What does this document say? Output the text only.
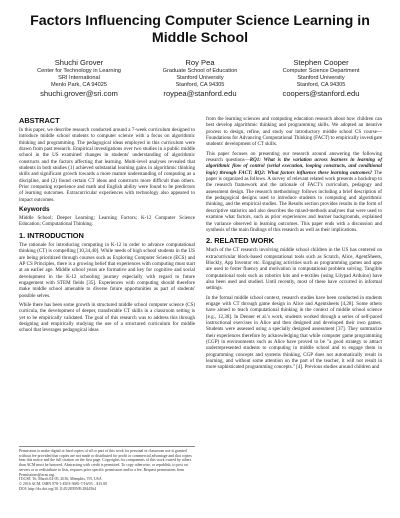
Factors Influencing Computer Science Learning in Middle School
Shuchi Grover
Center for Technology in Learning
SRI International
Menlo Park, CA 94025
shuchi.grover@sri.com
Roy Pea
Graduate School of Education
Stanford University
Stanford, CA 94305
roypea@stanford.edu
Stephen Cooper
Computer Science Department
Stanford University
Stanford, CA 94305
coopers@stanford.edu
ABSTRACT

In this paper, we describe research conducted around a 7-week curriculum designed to introduce middle school students to computer science with a focus on algorithmic thinking and programming. The pedagogical ideas employed in this curriculum were drawn from past research. Empirical investigations over two studies in a public middle school in the US examined changes in students' understanding of algorithmic constructs and the factors affecting that learning. Multi-level analyses revealed that students in both studies (1) achieved substantial learning gains in algorithmic thinking skills and significant growth towards a more mature understanding of computing as a discipline, and (2) found certain CT ideas and constructs more difficult than others. Prior computing experience and math and English ability were found to be predictors of learning outcomes. Extracurricular experiences with technology also appeared to impact outcomes.

Keywords

Middle School; Deeper Learning; Learning Factors; K-12 Computer Science Education; Computational Thinking.

1. INTRODUCTION

The rationale for introducing computing in K-12 in order to advance computational thinking (CT) is compelling [10,34,40]. While needs of high school students in the US are being prioritized through courses such as Exploring Computer Science (ECS) and AP CS Principles, there is a growing belief that experiences with computing must start at an earlier age. Middle school years are formative and key for cognitive and social development in the K-12 schooling journey especially with regard to future engagement with STEM fields [35]. Experiences with computing should therefore make middle school amenable to diverse future opportunities as part of students' possible selves.

While there has been some growth in structured middle school computer science (CS) curricula, the development of deeper, transferable CT skills in a classroom setting is yet to be empirically validated. The goal of this research was to address this through designing and empirically studying the use of a structured curriculum for middle school that leverages pedagogical ideas

Permission to make digital or hard copies of all or part of this work for personal or classroom use is granted without fee provided that copies are not made or distributed for profit or commercial advantage and that copies bear this notice and the full citation on the first page. Copyrights for components of this work owned by others than ACM must be honored. Abstracting with credit is permitted. To copy otherwise, or republish, to post on servers or to redistribute to lists, requires prior specific permission and/or a fee. Request permissions from Permissions@acm.org.

ITiCSE '16, March 02-05, 2016, Memphis, TN, USA

© 2016 ACM. ISBN 978-1-4503-3685-7/16/03 .. $15.00

DOI: http://dx.doi.org/10.1145/2839509.2844564

from the learning sciences and computing education research about how children can best develop algorithmic thinking and programming skills. We adopted an iterative process to design, refine, and study our introductory middle school CS course—Foundations for Advancing Computational Thinking (FACT) to empirically investigate students' development of CT skills.

This paper focuses on presenting our research around answering the following research questions—RQ1: What is the variation across learners in learning of algorithmic flow of control (serial execution, looping constructs, and conditional logic) through FACT; RQ2: What factors influence these learning outcomes? The paper is organized as follows. A survey of relevant related work presents a backdrop to the research framework and the rationale of FACT's curriculum, pedagogy and assessment design. The research methodology follows including a brief description of the pedagogical designs used to introduce students to computing and algorithmic thinking, and the empirical studies. The Results section provides results in the form of descriptive statistics and also describes the mixed-methods analyses that were used to examine what factors, such as prior experiences and learner backgrounds, explained the variance observed in learning outcomes. This paper ends with a discussion and synthesis of the main findings of this research as well as their implications.

2. RELATED WORK

Much of the CT research involving middle school children in the US has centered on extracurricular block-based computational tools such as Scratch, Alice, AgentSheets, Blockly, App Inventor etc. Engaging activities such as programming games and apps are used to foster fluency and motivation in computational problem solving. Tangible computational tools such as robotics kits and e-textiles (using Lilypad Arduino) have also been used and studied. Until recently, most of these have occurred in informal settings.

In the formal middle school context, research studies have been conducted in students engage with CT through game design in Alice and Agentsheets [4,28]. Some others have aimed to teach computational thinking in the context of middle school science [e.g., 12,38]. In Denner et al.'s work, students worked through a series of self-paced instructional exercises in Alice and then designed and developed their own games. Students were assessed using a specially designed assessment [37]. They summarize their experiences therefore by acknowledging that while computer game programming (CGP) in environments such as Alice have proved to be "a good strategy to attract underrepresented students to computing in middle school and to engage them in programming concepts and systems thinking, CGP does not automatically result in learning, and without some attention on the part of the teacher, it will not result in more sophisticated programming concepts." [4]. Previous studies around children and
